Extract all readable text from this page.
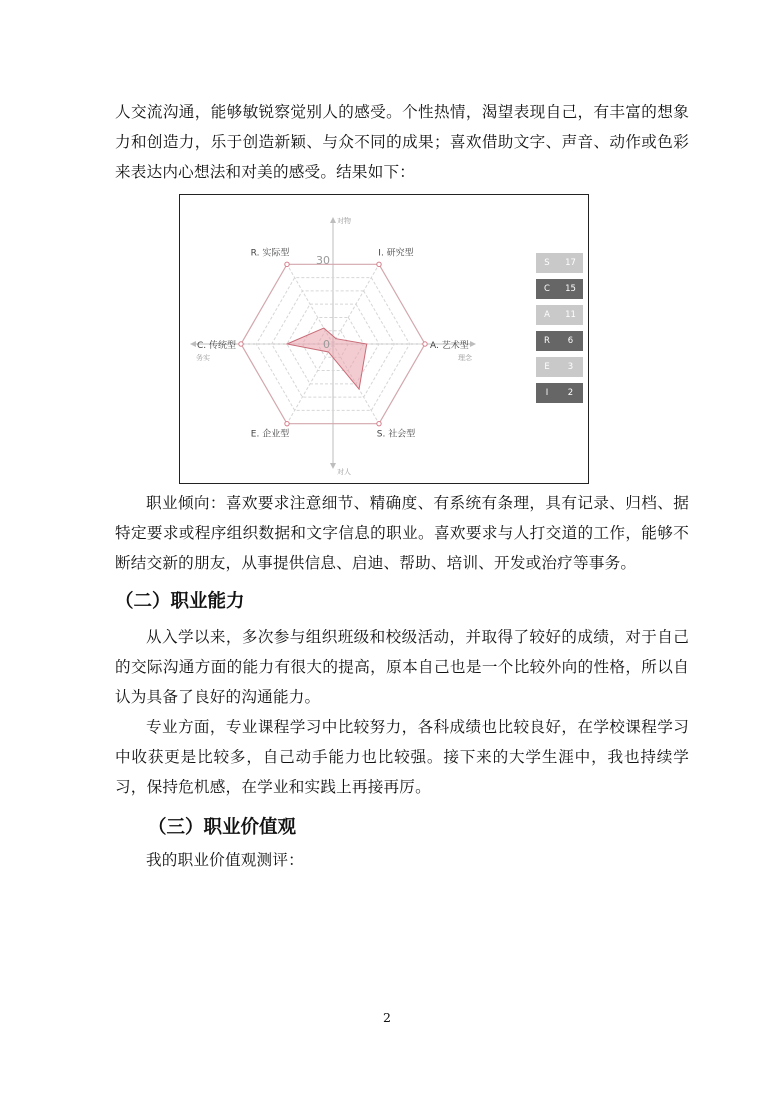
人交流沟通，能够敏锐察觉别人的感受。个性热情，渴望表现自己，有丰富的想象力和创造力，乐于创造新颖、与众不同的成果；喜欢借助文字、声音、动作或色彩来表达内心想法和对美的感受。结果如下：

30
0
I. 研究型
A. 艺术型
S. 社会型
E. 企业型
C. 传统型
R. 实际型
对物
对人
务实	理念
S	17
C	15
A	11
R	6
E	3
I	2

职业倾向：喜欢要求注意细节、精确度、有系统有条理，具有记录、归档、据特定要求或程序组织数据和文字信息的职业。喜欢要求与人打交道的工作，能够不断结交新的朋友，从事提供信息、启迪、帮助、培训、开发或治疗等事务。

（二）职业能力

从入学以来，多次参与组织班级和校级活动，并取得了较好的成绩，对于自己的交际沟通方面的能力有很大的提高，原本自己也是一个比较外向的性格，所以自认为具备了良好的沟通能力。

专业方面，专业课程学习中比较努力，各科成绩也比较良好，在学校课程学习中收获更是比较多，自己动手能力也比较强。接下来的大学生涯中，我也持续学习，保持危机感，在学业和实践上再接再厉。

（三）职业价值观

我的职业价值观测评：

2
